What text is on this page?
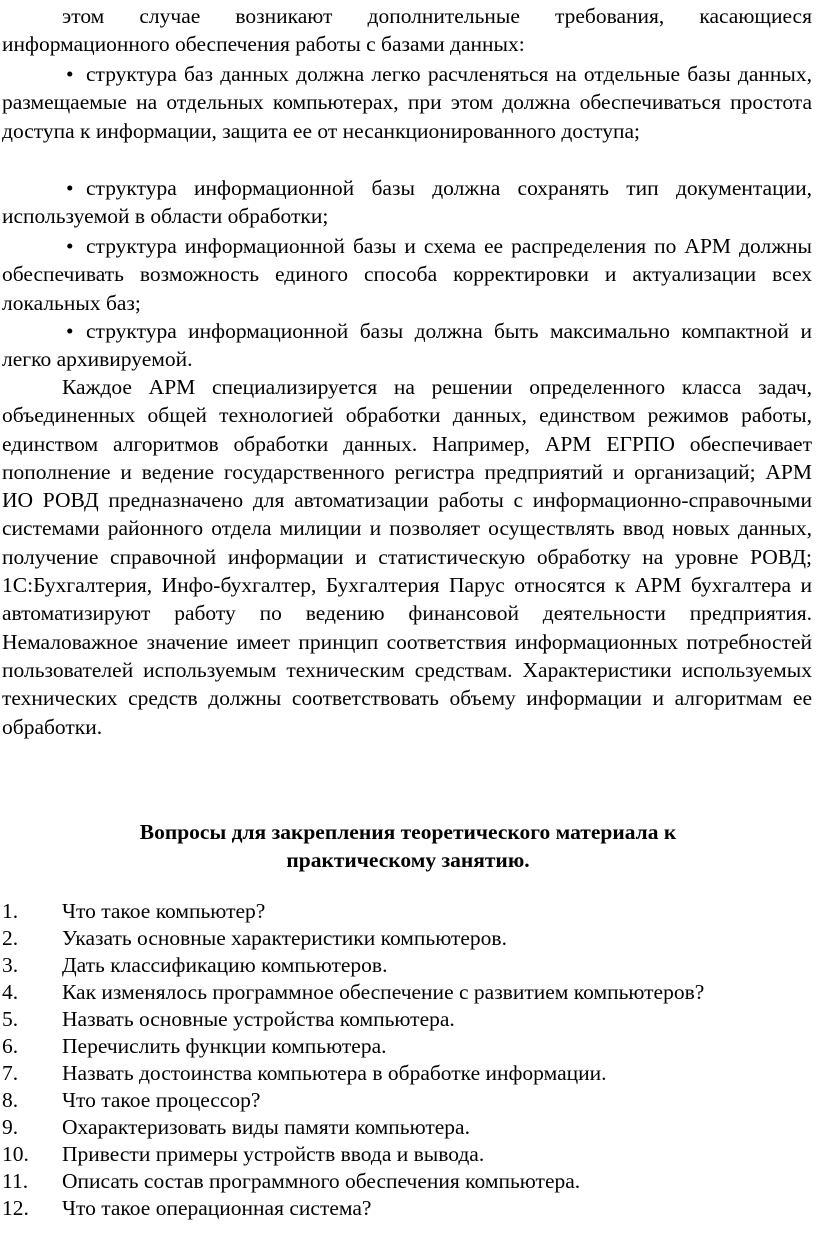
этом случае возникают дополнительные требования, касающиеся информационного обеспечения работы с базами данных:

• структура баз данных должна легко расчленяться на отдельные базы данных, размещаемые на отдельных компьютерах, при этом должна обеспечиваться простота доступа к информации, защита ее от несанкционированного доступа;

• структура информационной базы должна сохранять тип документации, используемой в области обработки;

• структура информационной базы и схема ее распределения по АРМ должны обеспечивать возможность единого способа корректировки и актуализации всех локальных баз;

• структура информационной базы должна быть максимально компактной и легко архивируемой.

Каждое АРМ специализируется на решении определенного класса задач, объединенных общей технологией обработки данных, единством режимов работы, единством алгоритмов обработки данных. Например, АРМ ЕГРПО обеспечивает пополнение и ведение государственного регистра предприятий и организаций; АРМ ИО РОВД предназначено для автоматизации работы с информационно-справочными системами районного отдела милиции и позволяет осуществлять ввод новых данных, получение справочной информации и статистическую обработку на уровне РОВД; 1С:Бухгалтерия, Инфо-бухгалтер, Бухгалтерия Парус относятся к АРМ бухгалтера и автоматизируют работу по ведению финансовой деятельности предприятия. Немаловажное значение имеет принцип соответствия информационных потребностей пользователей используемым техническим средствам. Характеристики используемых технических средств должны соответствовать объему информации и алгоритмам ее обработки.

Вопросы для закрепления теоретического материала к

практическому занятию.

1. Что такое компьютер?
2. Указать основные характеристики компьютеров.
3. Дать классификацию компьютеров.
4. Как изменялось программное обеспечение с развитием компьютеров?
5. Назвать основные устройства компьютера.
6. Перечислить функции компьютера.
7. Назвать достоинства компьютера в обработке информации.
8. Что такое процессор?
9. Охарактеризовать виды памяти компьютера.
10. Привести примеры устройств ввода и вывода.
11. Описать состав программного обеспечения компьютера.
12. Что такое операционная система?
